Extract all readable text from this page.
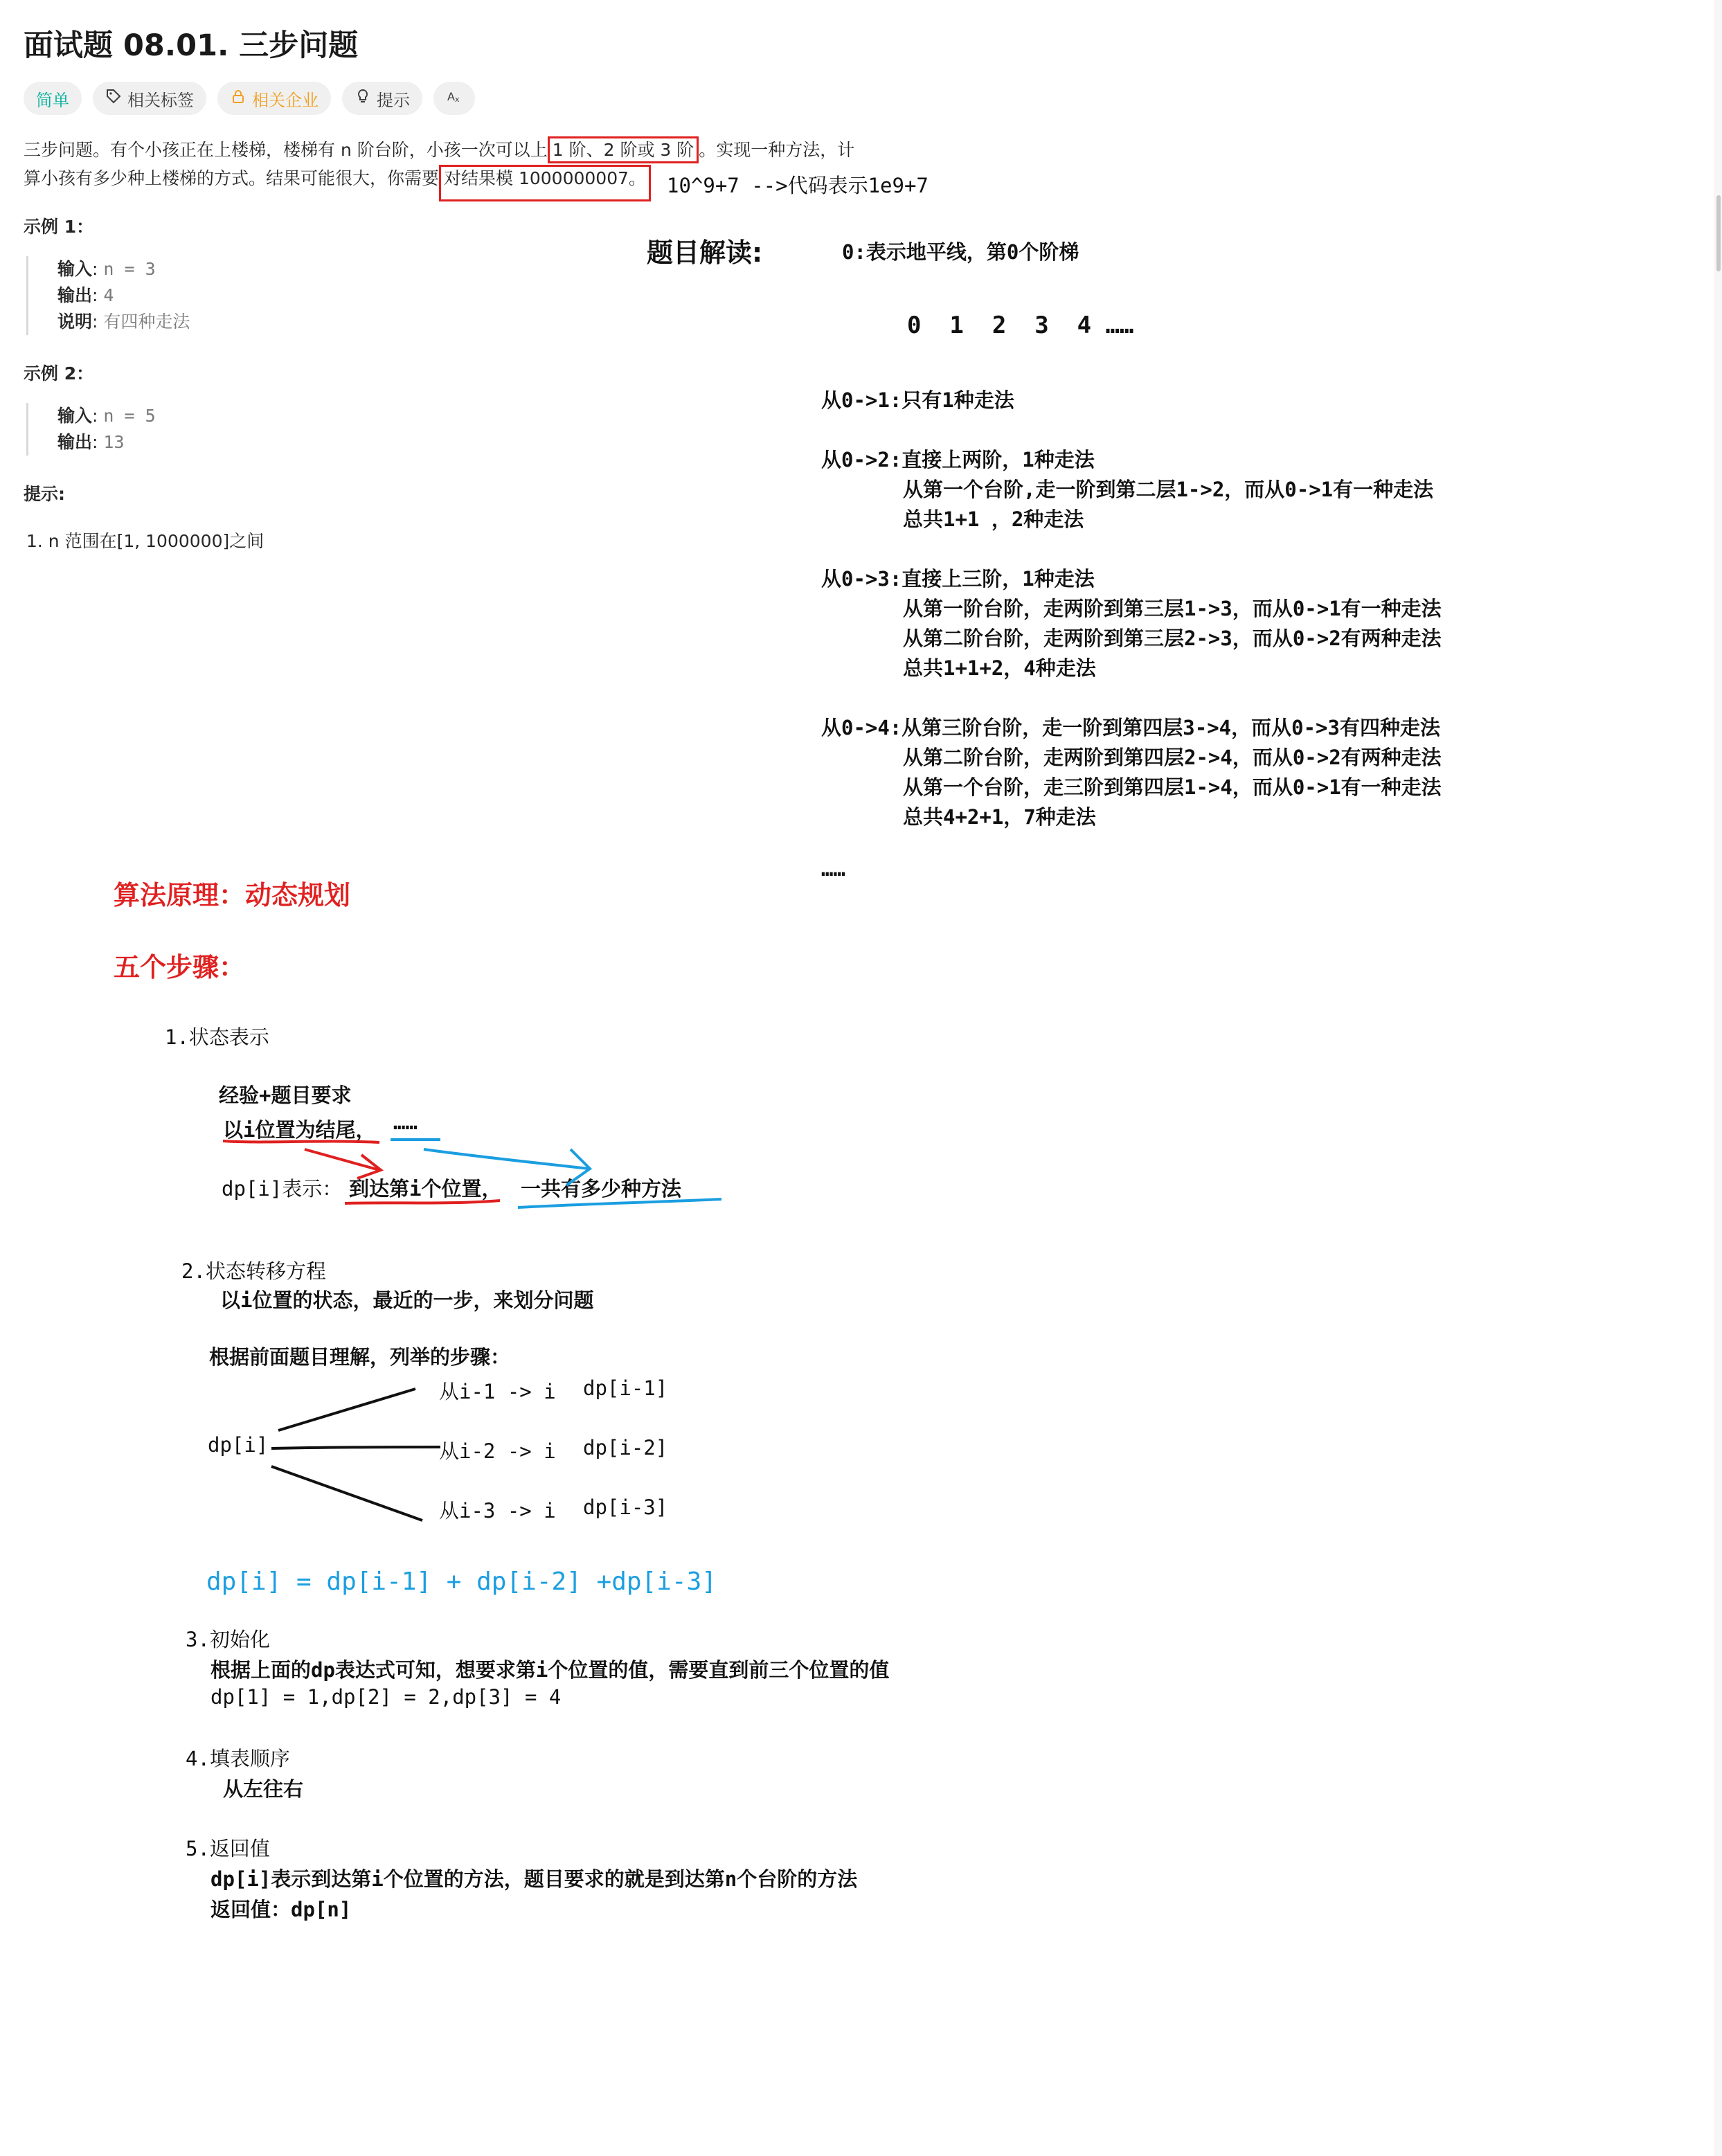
面试题 08.01. 三步问题
简单	相关标签	相关企业	提示	A x
三步问题。有个小孩正在上楼梯，楼梯有 n 阶台阶，小孩一次可以上 1 阶、2 阶或 3 阶 。实现一种方法，计
算小孩有多少种上楼梯的方式。结果可能很大，你需要 对结果模 1000000007。 10^9+7 -->代码表示1e9+7
示例 1：
输入: n = 3
输出: 4
说明: 有四种走法
示例 2：
输入: n = 5
输出: 13
提示:
1. n 范围在[1, 1000000]之间
题目解读:	0:表示地平线，第0个阶梯
0  1  2  3  4 ……
从0->1:只有1种走法
从0->2:直接上两阶，1种走法
从第一个台阶,走一阶到第二层1->2，而从0->1有一种走法
总共1+1 ，2种走法
从0->3:直接上三阶，1种走法
从第一阶台阶，走两阶到第三层1->3，而从0->1有一种走法
从第二阶台阶，走两阶到第三层2->3，而从0->2有两种走法
总共1+1+2，4种走法
从0->4:从第三阶台阶，走一阶到第四层3->4，而从0->3有四种走法
从第二阶台阶，走两阶到第四层2->4，而从0->2有两种走法
从第一个台阶，走三阶到第四层1->4，而从0->1有一种走法
总共4+2+1，7种走法
……
算法原理：动态规划
五个步骤：
1.状态表示
经验+题目要求
以i位置为结尾， ……
dp[i]表示： 到达第i个位置， 一共有多少种方法
2.状态转移方程
以i位置的状态，最近的一步，来划分问题
根据前面题目理解，列举的步骤：
dp[i]
从i-1 -> i dp[i-1]
从i-2 -> i dp[i-2]
从i-3 -> i dp[i-3]
dp[i] = dp[i-1] + dp[i-2] +dp[i-3]
3.初始化
根据上面的dp表达式可知，想要求第i个位置的值，需要直到前三个位置的值
dp[1] = 1,dp[2] = 2,dp[3] = 4
4.填表顺序
从左往右
5.返回值
dp[i]表示到达第i个位置的方法，题目要求的就是到达第n个台阶的方法
返回值：dp[n]
